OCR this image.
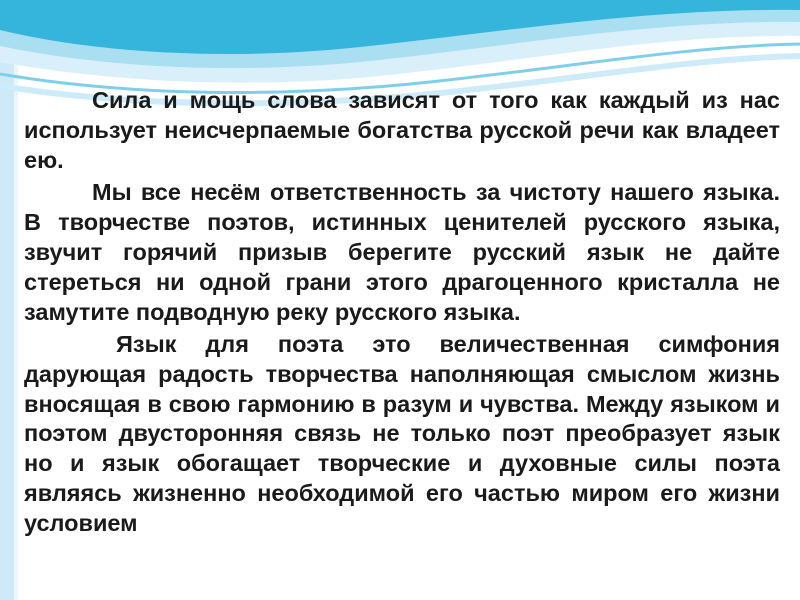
Сила и мощь слова зависят от того как каждый из нас использует неисчерпаемые богатства русской речи как владеет ею.

Мы все несём ответственность за чистоту нашего языка. В творчестве поэтов, истинных ценителей русского языка, звучит горячий призыв берегите русский язык не дайте стереться ни одной грани этого драгоценного кристалла не замутите подводную реку русского языка.

Язык для поэта это величественная симфония дарующая радость творчества наполняющая смыслом жизнь вносящая в свою гармонию в разум и чувства. Между языком и поэтом двусторонняя связь не только поэт преобразует язык но и язык обогащает творческие и духовные силы поэта являясь жизненно необходимой его частью миром его жизни условием
